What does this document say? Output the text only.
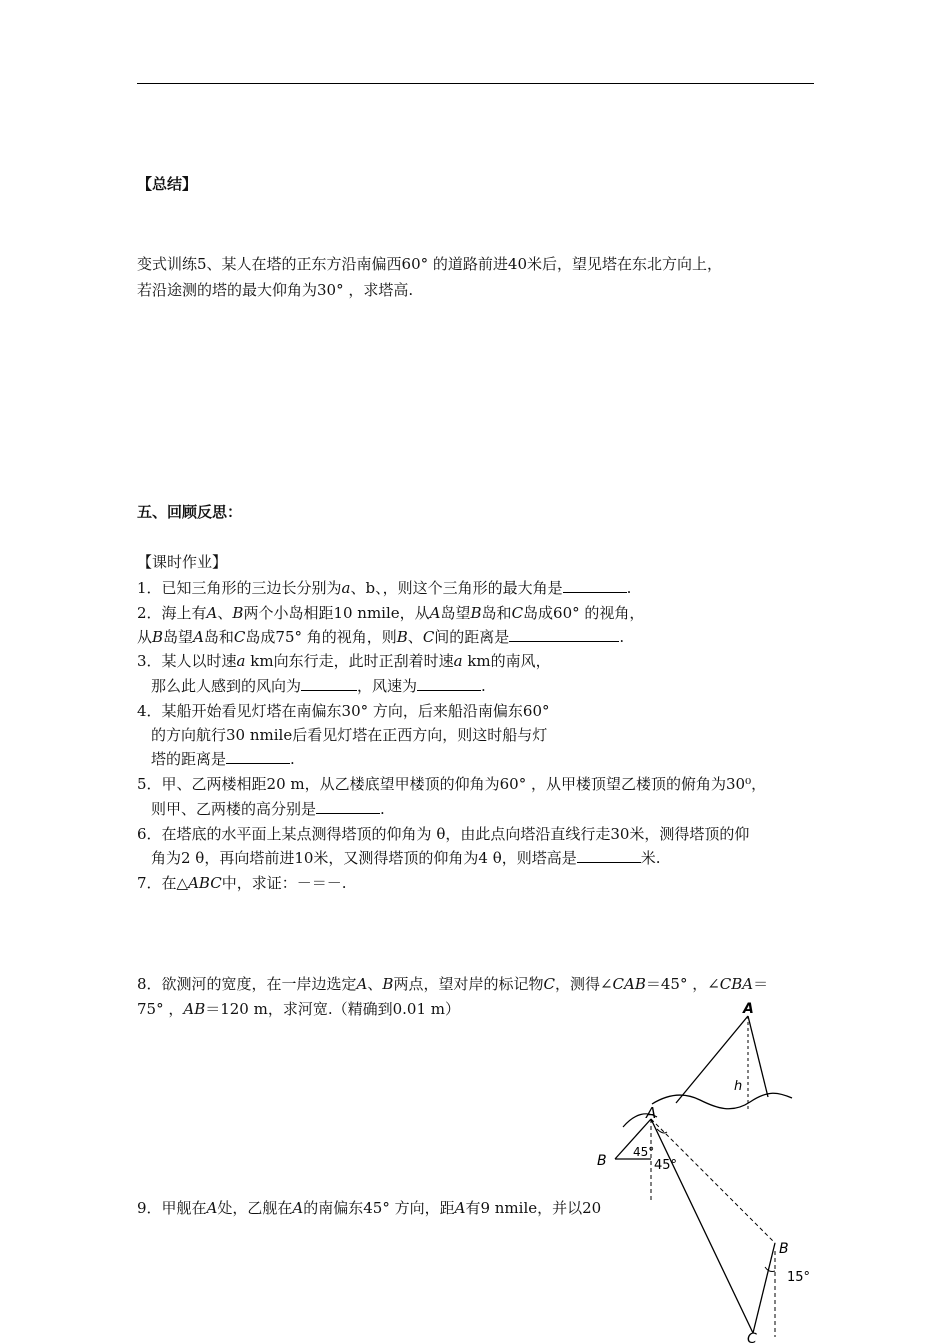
【总结】
变式训练5、某人在塔的正东方沿南偏西60° 的道路前进40米后，望见塔在东北方向上，
若沿途测的塔的最大仰角为30° ，求塔高.
五、回顾反思：
【课时作业】
1．已知三角形的三边长分别为a、b、，则这个三角形的最大角是	.
2．海上有A、B两个小岛相距10 nmile，从A岛望B岛和C岛成60° 的视角，
从B岛望A岛和C岛成75° 角的视角，则B、C间的距离是	.
3．某人以时速a km向东行走，此时正刮着时速a km的南风，
那么此人感到的风向为	，风速为	.
4．某船开始看见灯塔在南偏东30° 方向，后来船沿南偏东60°
的方向航行30 nmile后看见灯塔在正西方向，则这时船与灯
塔的距离是	.
5．甲、乙两楼相距20 m，从乙楼底望甲楼顶的仰角为60° ，从甲楼顶望乙楼顶的俯角为30⁰，
则甲、乙两楼的高分别是	.
6．在塔底的水平面上某点测得塔顶的仰角为 θ，由此点向塔沿直线行走30米，测得塔顶的仰
角为2 θ，再向塔前进10米，又测得塔顶的仰角为4 θ，则塔高是	米.
7．在△ABC中，求证：－＝－.
8．欲测河的宽度，在一岸边选定A、B两点，望对岸的标记物C，测得∠CAB＝45° ，∠CBA＝
75° ，AB＝120 m，求河宽.（精确到0.01 m）
9．甲舰在A处，乙舰在A的南偏东45° 方向，距A有9 nmile，并以20
A
h
A
B
45°
45°
B
15°
C
